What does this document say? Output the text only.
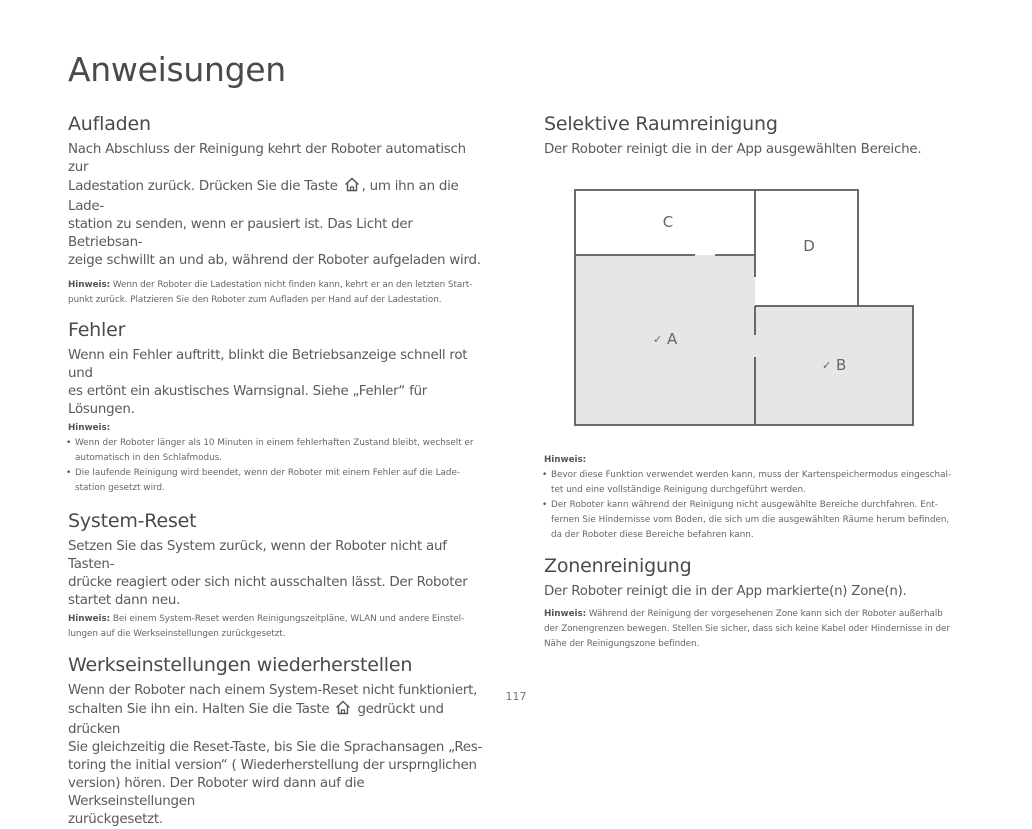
Anweisungen
Aufladen

Nach Abschluss der Reinigung kehrt der Roboter automatisch zur
Ladestation zurück. Drücken Sie die Taste , um ihn an die Lade-
station zu senden, wenn er pausiert ist. Das Licht der Betriebsan-
zeige schwillt an und ab, während der Roboter aufgeladen wird.

Hinweis: Wenn der Roboter die Ladestation nicht finden kann, kehrt er an den letzten Start-
punkt zurück. Platzieren Sie den Roboter zum Aufladen per Hand auf der Ladestation.

Fehler

Wenn ein Fehler auftritt, blinkt die Betriebsanzeige schnell rot und
es ertönt ein akustisches Warnsignal. Siehe „Fehler“ für Lösungen.

Hinweis:

• Wenn der Roboter länger als 10 Minuten in einem fehlerhaften Zustand bleibt, wechselt er
automatisch in den Schlafmodus.
• Die laufende Reinigung wird beendet, wenn der Roboter mit einem Fehler auf die Lade-
station gesetzt wird.
System-Reset

Setzen Sie das System zurück, wenn der Roboter nicht auf Tasten-
drücke reagiert oder sich nicht ausschalten lässt. Der Roboter
startet dann neu.

Hinweis: Bei einem System-Reset werden Reinigungszeitpläne, WLAN und andere Einstel-
lungen auf die Werkseinstellungen zurückgesetzt.

Werkseinstellungen wiederherstellen

Wenn der Roboter nach einem System-Reset nicht funktioniert,
schalten Sie ihn ein. Halten Sie die Taste gedrückt und drücken
Sie gleichzeitig die Reset-Taste, bis Sie die Sprachansagen „Res-
toring the initial version“ ( Wiederherstellung der ursprnglichen
version) hören. Der Roboter wird dann auf die Werkseinstellungen
zurückgesetzt.

Selektive Raumreinigung

Der Roboter reinigt die in der App ausgewählten Bereiche.

C
D
✓ A
✓ B

Hinweis:

• Bevor diese Funktion verwendet werden kann, muss der Kartenspeichermodus eingeschal-
tet und eine vollständige Reinigung durchgeführt werden.
• Der Roboter kann während der Reinigung nicht ausgewählte Bereiche durchfahren. Ent-
fernen Sie Hindernisse vom Boden, die sich um die ausgewählten Räume herum befinden,
da der Roboter diese Bereiche befahren kann.
Zonenreinigung

Der Roboter reinigt die in der App markierte(n) Zone(n).

Hinweis: Während der Reinigung der vorgesehenen Zone kann sich der Roboter außerhalb
der Zonengrenzen bewegen. Stellen Sie sicher, dass sich keine Kabel oder Hindernisse in der
Nähe der Reinigungszone befinden.

117
